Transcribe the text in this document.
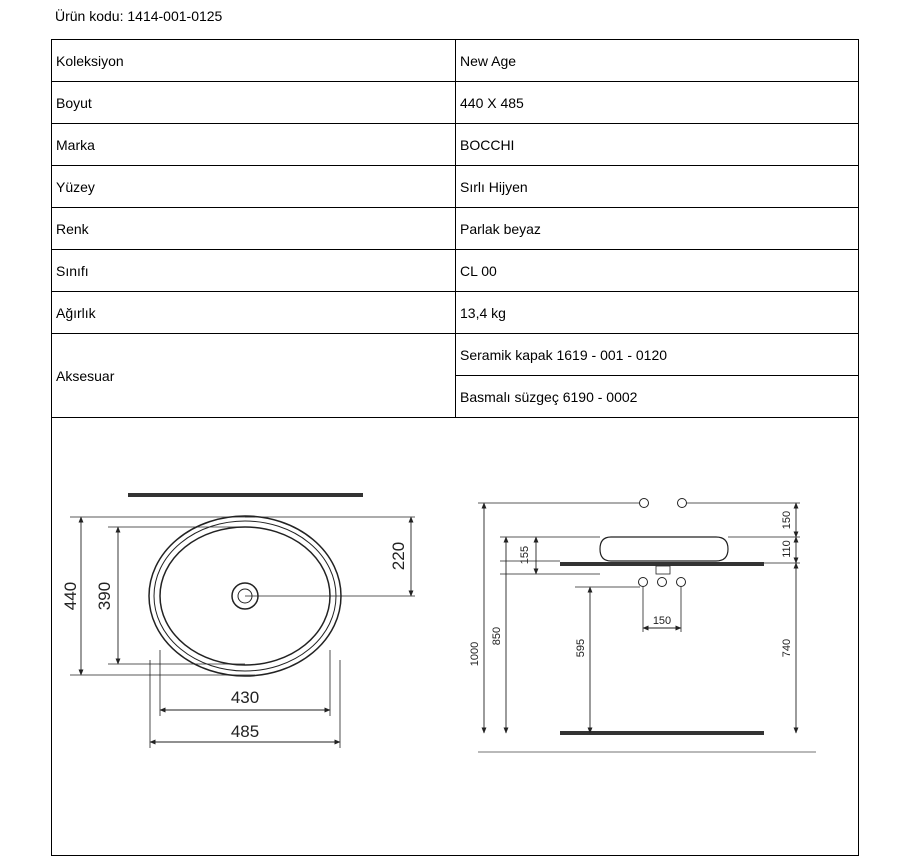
Ürün kodu: 1414-001-0125
Koleksiyon	New Age
Boyut	440 X 485
Marka	BOCCHI
Yüzey	Sırlı Hijyen
Renk	Parlak beyaz
Sınıfı	CL 00
Ağırlık	13,4 kg
Aksesuar
Seramik kapak 1619 - 001 - 0120
Basmalı süzgeç 6190 - 0002
440 390
220
430
485
1000
850
155
595
150
110
740
150
